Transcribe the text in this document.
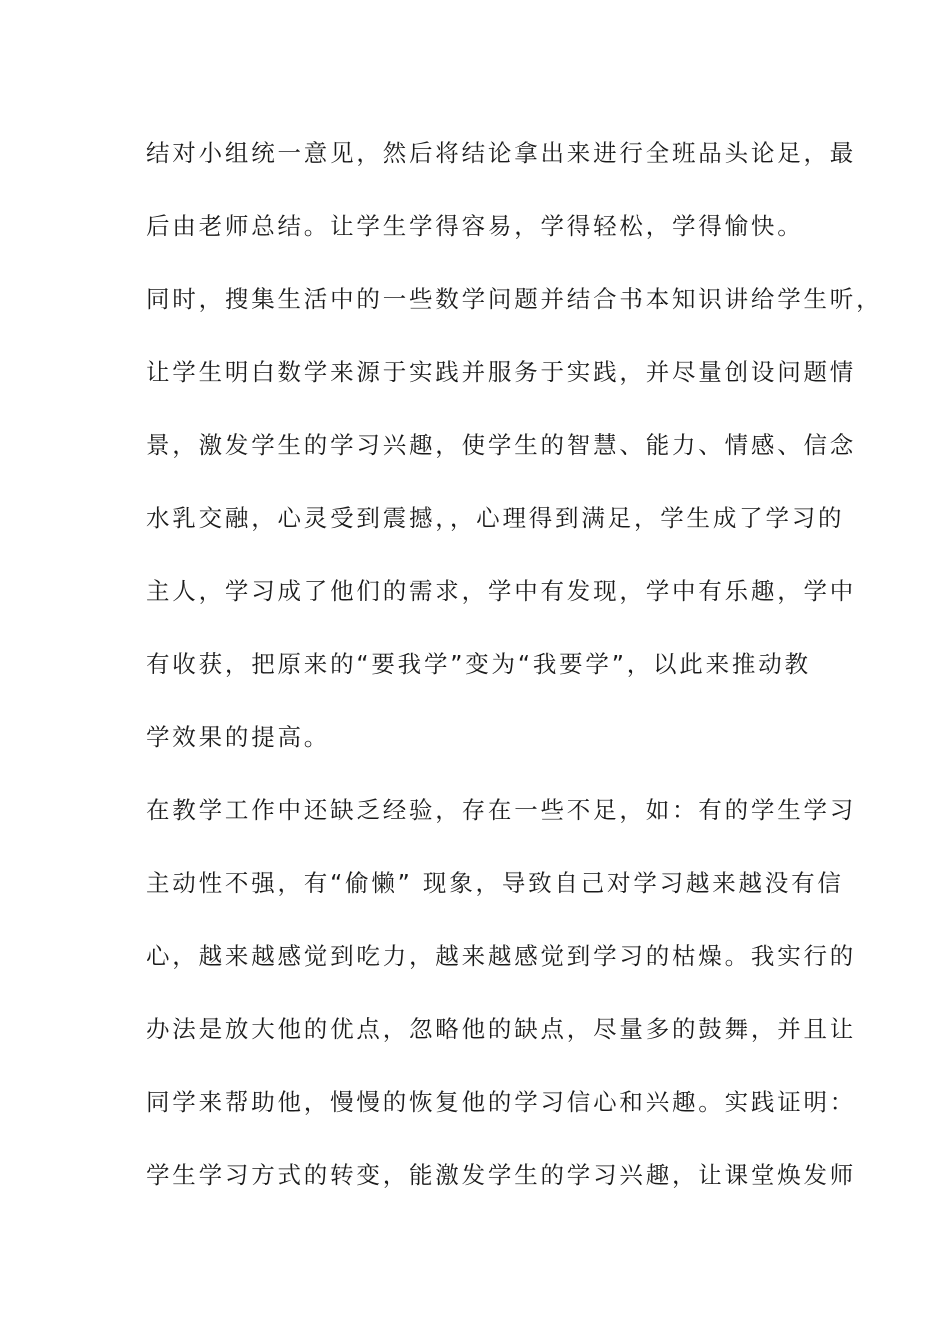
结对小组统一意见，然后将结论拿出来进行全班品头论足，最
后由老师总结。让学生学得容易，学得轻松，学得愉快。
同时，搜集生活中的一些数学问题并结合书本知识讲给学生听，
让学生明白数学来源于实践并服务于实践，并尽量创设问题情
景，激发学生的学习兴趣，使学生的智慧、能力、情感、信念
水乳交融，心灵受到震撼，，心理得到满足，学生成了学习的
主人，学习成了他们的需求，学中有发现，学中有乐趣，学中
有收获，把原来的“要我学”变为“我要学”，以此来推动教
学效果的提高。
在教学工作中还缺乏经验，存在一些不足，如：有的学生学习
主动性不强，有“偷懒” 现象，导致自己对学习越来越没有信
心，越来越感觉到吃力，越来越感觉到学习的枯燥。我实行的
办法是放大他的优点，忽略他的缺点，尽量多的鼓舞，并且让
同学来帮助他，慢慢的恢复他的学习信心和兴趣。实践证明：
学生学习方式的转变，能激发学生的学习兴趣，让课堂焕发师
